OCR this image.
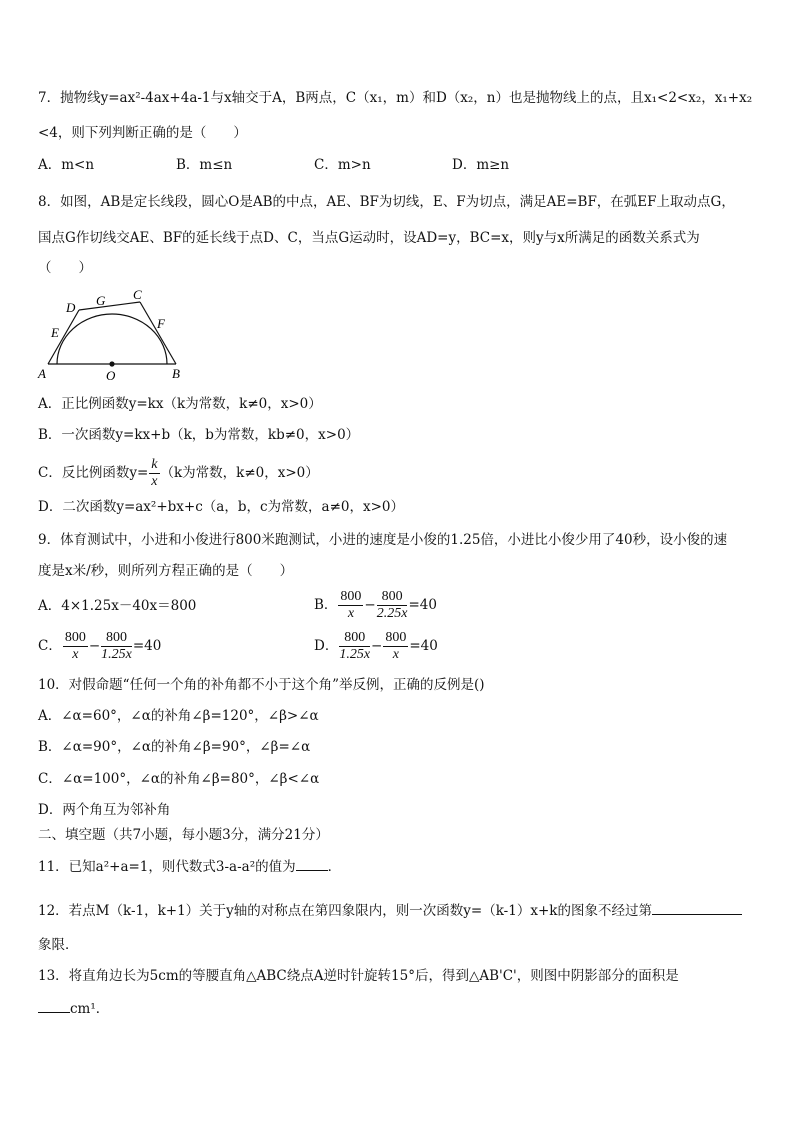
7．抛物线y=ax²-4ax+4a-1与x轴交于A，B两点，C（x₁，m）和D（x₂，n）也是抛物线上的点，且x₁<2<x₂，x₁+x₂
<4，则下列判断正确的是（　　）
A．m<n	B．m≤n	C．m>n	D．m≥n
8．如图，AB是定长线段，圆心O是AB的中点，AE、BF为切线，E、F为切点，满足AE=BF，在弧EF上取动点G，
国点G作切线交AE、BF的延长线于点D、C，当点G运动时，设AD=y，BC=x，则y与x所满足的函数关系式为
（　　）
D G C
E
F
A	O	B
A．正比例函数y=kx（k为常数，k≠0，x>0）
B．一次函数y=kx+b（k，b为常数，kb≠0，x>0）
C．反比例函数$y= \frac{k}{x} (k$为常数，k≠0，x>0）
D．二次函数y=ax²+bx+c（a，b，c为常数，a≠0，x>0）
9．体育测试中，小进和小俊进行800米跑测试，小进的速度是小俊的1.25倍，小进比小俊少用了40秒，设小俊的速
度是x米/秒，则所列方程正确的是（　　）
A．4×1.25x－40x＝800	B． $\frac{800}{x} - \frac{800}{2.25x} =40$
C． $\frac{800}{x} - \frac{800}{1.25x} =40$	D． $\frac{800}{1.25x} - \frac{800}{x} =40$
10．对假命题“任何一个角的补角都不小于这个角”举反例，正确的反例是()
A．∠α=60°，∠α的补角∠β=120°，∠β>∠α
B．∠α=90°，∠α的补角∠β=90°，∠β=∠α
C．∠α=100°，∠α的补角∠β=80°，∠β<∠α
D．两个角互为邻补角
二、填空题（共7小题，每小题3分，满分21分）
11．已知a²+a=1，则代数式3-a-a²的值为 ．
12．若点M（k-1，k+1）关于y轴的对称点在第四象限内，则一次函数y=（k-1）x+k的图象不经过第
象限．
13．将直角边长为5cm的等腰直角△ABC绕点A逆时针旋转15°后，得到△AB'C'，则图中阴影部分的面积是
cm¹．
